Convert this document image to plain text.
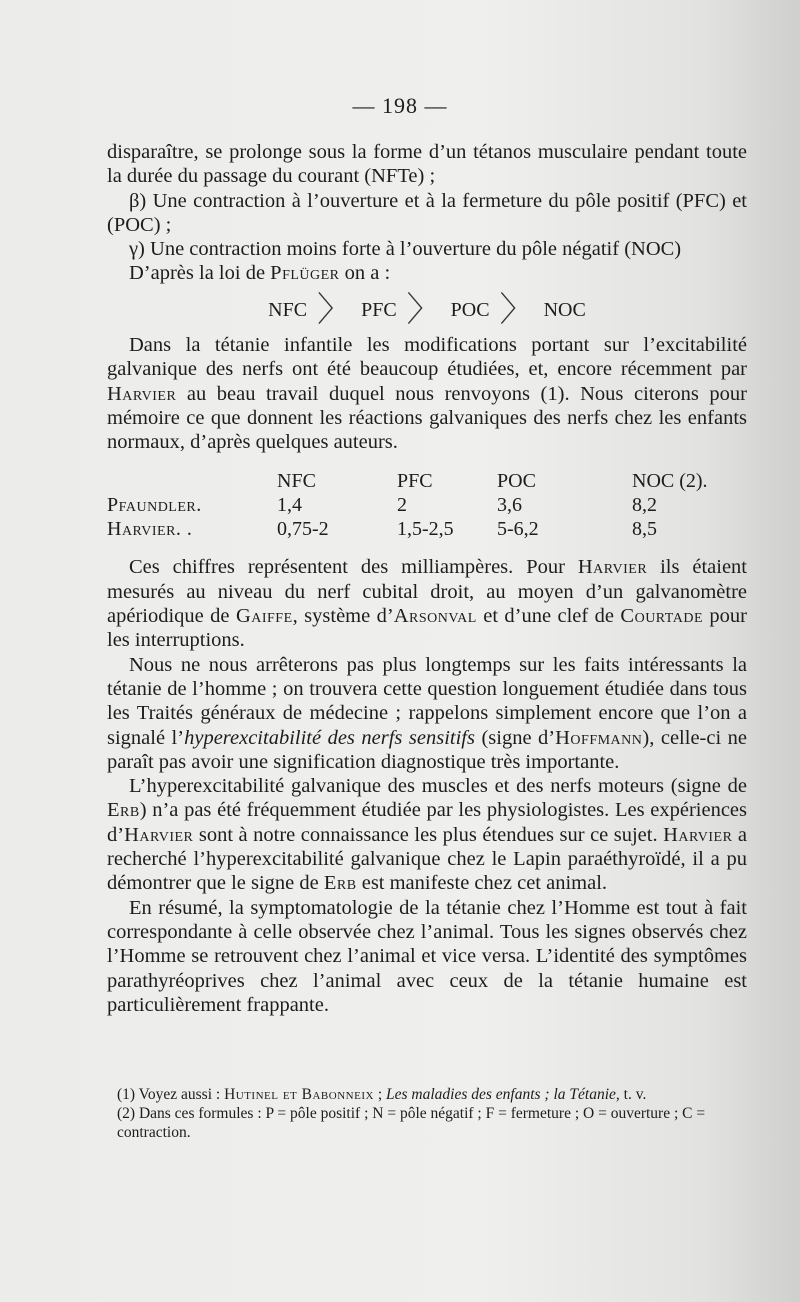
— 198 —

disparaître, se prolonge sous la forme d’un tétanos musculaire pendant toute la durée du passage du courant (NFTe) ;

β) Une contraction à l’ouverture et à la fermeture du pôle positif (PFC) et (POC) ;

γ) Une contraction moins forte à l’ouverture du pôle négatif (NOC)

D’après la loi de Pflüger on a :

NFC 〉 PFC 〉 POC 〉 NOC

Dans la tétanie infantile les modifications portant sur l’excitabilité galvanique des nerfs ont été beaucoup étudiées, et, encore récemment par Harvier au beau travail duquel nous renvoyons (1). Nous citerons pour mémoire ce que donnent les réactions galvaniques des nerfs chez les enfants normaux, d’après quelques auteurs.

	NFC	PFC	POC	NOC (2).
Pfaundler.	1,4	2	3,6	8,2
Harvier. .	0,75-2	1,5-2,5	5-6,2	8,5

Ces chiffres représentent des milliampères. Pour Harvier ils étaient mesurés au niveau du nerf cubital droit, au moyen d’un galvanomètre apériodique de Gaiffe, système d’Arsonval et d’une clef de Courtade pour les interruptions.

Nous ne nous arrêterons pas plus longtemps sur les faits intéressants la tétanie de l’homme ; on trouvera cette question longuement étudiée dans tous les Traités généraux de médecine ; rappelons simplement encore que l’on a signalé l’hyperexcitabilité des nerfs sensitifs (signe d’Hoffmann), celle-ci ne paraît pas avoir une signification diagnostique très importante.

L’hyperexcitabilité galvanique des muscles et des nerfs moteurs (signe de Erb) n’a pas été fréquemment étudiée par les physiologistes. Les expériences d’Harvier sont à notre connaissance les plus étendues sur ce sujet. Harvier a recherché l’hyperexcitabilité galvanique chez le Lapin paraéthyroïdé, il a pu démontrer que le signe de Erb est manifeste chez cet animal.

En résumé, la symptomatologie de la tétanie chez l’Homme est tout à fait correspondante à celle observée chez l’animal. Tous les signes observés chez l’Homme se retrouvent chez l’animal et vice versa. L’identité des symptômes parathyréoprives chez l’animal avec ceux de la tétanie humaine est particulièrement frappante.

(1) Voyez aussi : Hutinel et Babonneix ; Les maladies des enfants ; la Tétanie, t. v.

(2) Dans ces formules : P = pôle positif ; N = pôle négatif ; F = fermeture ; O = ouverture ; C = contraction.
